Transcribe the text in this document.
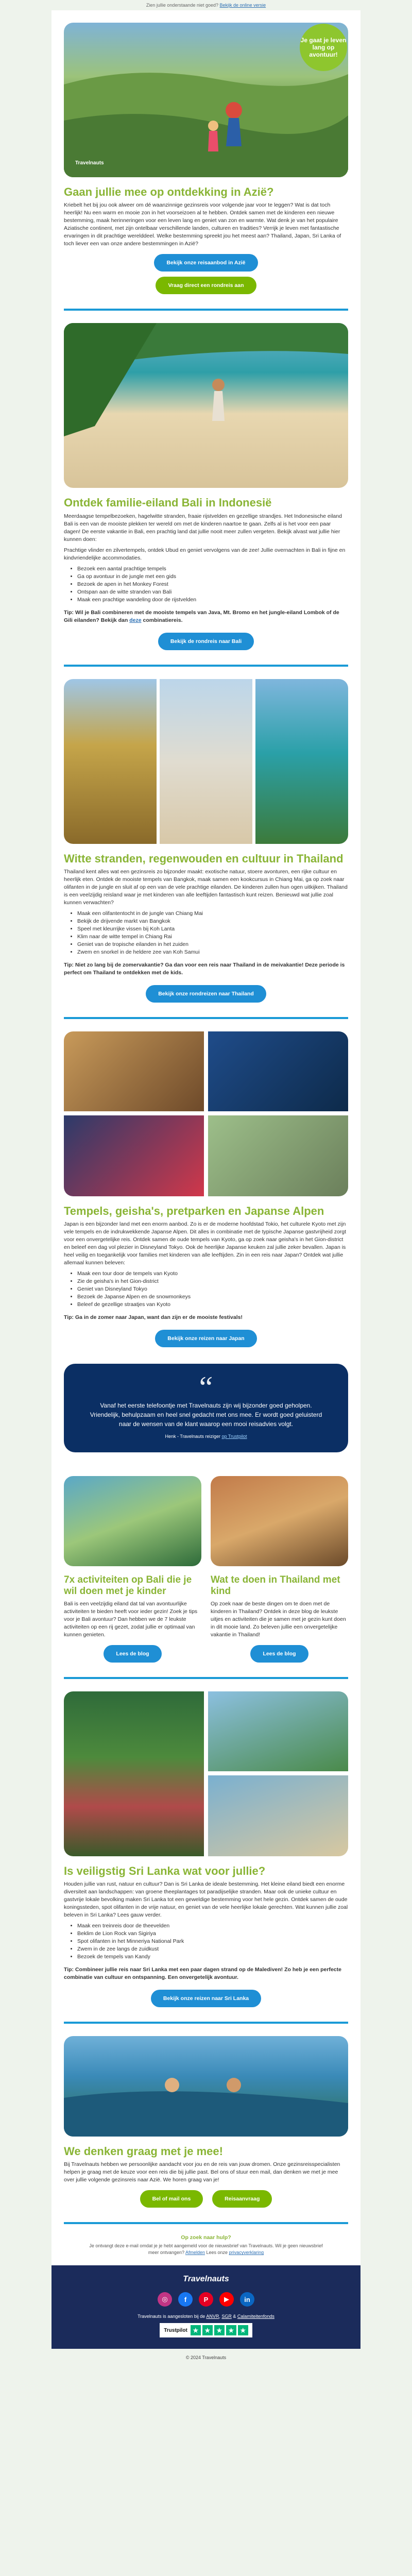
Zien jullie onderstaande niet goed? Bekijk de online versie
Travelnauts
Je gaat je leven lang op avontuur!
Gaan jullie mee op ontdekking in Azië?

Kriebelt het bij jou ook alweer om dé waanzinnige gezinsreis voor volgende jaar voor te leggen? Wat is dat toch heerlijk! Nu een warm en mooie zon in het voorseizoen al te hebben. Ontdek samen met de kinderen een nieuwe bestemming, maak herinneringen voor een leven lang en geniet van zon en warmte. Wat denk je van het populaire Aziatische continent, met zijn ontelbaar verschillende landen, culturen en tradities? Verrijk je leven met fantastische ervaringen in dit prachtige werelddeel. Welke bestemming spreekt jou het meest aan? Thailand, Japan, Sri Lanka of toch liever een van onze andere bestemmingen in Azië?

Bekijk onze reisaanbod in Azië
Vraag direct een rondreis aan
Ontdek familie-eiland Bali in Indonesië

Meerdaagse tempelbezoeken, hagelwitte stranden, fraaie rijstvelden en gezellige strandjes. Het Indonesische eiland Bali is een van de mooiste plekken ter wereld om met de kinderen naartoe te gaan. Zelfs al is het voor een paar dagen! De eerste vakantie in Bali, een prachtig land dat jullie nooit meer zullen vergeten. Bekijk alvast wat jullie hier kunnen doen:

Prachtige vlinder en zilvertempels, ontdek Ubud en geniet vervolgens van de zee! Jullie overnachten in Bali in fijne en kindvriendelijke accommodaties.

• Bezoek een aantal prachtige tempels
• Ga op avontuur in de jungle met een gids
• Bezoek de apen in het Monkey Forest
• Ontspan aan de witte stranden van Bali
• Maak een prachtige wandeling door de rijstvelden

Tip: Wil je Bali combineren met de mooiste tempels van Java, Mt. Bromo en het jungle-eiland Lombok of de Gili eilanden? Bekijk dan deze combinatiereis.

Bekijk de rondreis naar Bali
Witte stranden, regenwouden en cultuur in Thailand

Thailand kent alles wat een gezinsreis zo bijzonder maakt: exotische natuur, stoere avonturen, een rijke cultuur en heerlijk eten. Ontdek de mooiste tempels van Bangkok, maak samen een kookcursus in Chiang Mai, ga op zoek naar olifanten in de jungle en sluit af op een van de vele prachtige eilanden. De kinderen zullen hun ogen uitkijken. Thailand is een veelzijdig reisland waar je met kinderen van alle leeftijden fantastisch kunt reizen. Benieuwd wat jullie zoal kunnen verwachten?

• Maak een olifantentocht in de jungle van Chiang Mai
• Bekijk de drijvende markt van Bangkok
• Speel met kleurrijke vissen bij Koh Lanta
• Klim naar de witte tempel in Chiang Rai
• Geniet van de tropische eilanden in het zuiden
• Zwem en snorkel in de heldere zee van Koh Samui

Tip: Niet zo lang bij de zomervakantie? Ga dan voor een reis naar Thailand in de meivakantie! Deze periode is perfect om Thailand te ontdekken met de kids.

Bekijk onze rondreizen naar Thailand
Tempels, geisha's, pretparken en Japanse Alpen

Japan is een bijzonder land met een enorm aanbod. Zo is er de moderne hoofdstad Tokio, het culturele Kyoto met zijn vele tempels en de indrukwekkende Japanse Alpen. Dit alles in combinatie met de typische Japanse gastvrijheid zorgt voor een onvergetelijke reis. Ontdek samen de oude tempels van Kyoto, ga op zoek naar geisha's in het Gion-district en beleef een dag vol plezier in Disneyland Tokyo. Ook de heerlijke Japanse keuken zal jullie zeker bevallen. Japan is heel veilig en toegankelijk voor families met kinderen van alle leeftijden. Zin in een reis naar Japan? Ontdek wat jullie allemaal kunnen beleven:

• Maak een tour door de tempels van Kyoto
• Zie de geisha's in het Gion-district
• Geniet van Disneyland Tokyo
• Bezoek de Japanse Alpen en de snowmonkeys
• Beleef de gezellige straatjes van Kyoto

Tip: Ga in de zomer naar Japan, want dan zijn er de mooiste festivals!

Bekijk onze reizen naar Japan
“
Vanaf het eerste telefoontje met Travelnauts zijn wij bijzonder goed geholpen. Vriendelijk, behulpzaam en heel snel gedacht met ons mee. Er wordt goed geluisterd naar de wensen van de klant waarop een mooi reisadvies volgt.
Henk - Travelnauts reiziger op Trustpilot
7x activiteiten op Bali die je wil doen met je kinder

Bali is een veelzijdig eiland dat tal van avontuurlijke activiteiten te bieden heeft voor ieder gezin! Zoek je tips voor je Bali avontuur? Dan hebben we de 7 leukste activiteiten op een rij gezet, zodat jullie er optimaal van kunnen genieten.

Lees de blog
Wat te doen in Thailand met kind

Op zoek naar de beste dingen om te doen met de kinderen in Thailand? Ontdek in deze blog de leukste uitjes en activiteiten die je samen met je gezin kunt doen in dit mooie land. Zo beleven jullie een onvergetelijke vakantie in Thailand!

Lees de blog
Is veiligstig Sri Lanka wat voor jullie?

Houden jullie van rust, natuur en cultuur? Dan is Sri Lanka de ideale bestemming. Het kleine eiland biedt een enorme diversiteit aan landschappen: van groene theeplantages tot paradijselijke stranden. Maar ook de unieke cultuur en gastvrije lokale bevolking maken Sri Lanka tot een geweldige bestemming voor het hele gezin. Ontdek samen de oude koningssteden, spot olifanten in de vrije natuur, en geniet van de vele heerlijke lokale gerechten. Wat kunnen jullie zoal beleven in Sri Lanka? Lees gauw verder.

• Maak een treinreis door de theevelden
• Beklim de Lion Rock van Sigiriya
• Spot olifanten in het Minneriya National Park
• Zwem in de zee langs de zuidkust
• Bezoek de tempels van Kandy

Tip: Combineer jullie reis naar Sri Lanka met een paar dagen strand op de Malediven! Zo heb je een perfecte combinatie van cultuur en ontspanning. Een onvergetelijk avontuur.

Bekijk onze reizen naar Sri Lanka
We denken graag met je mee!

Bij Travelnauts hebben we persoonlijke aandacht voor jou en de reis van jouw dromen. Onze gezinsreisspecialisten helpen je graag met de keuze voor een reis die bij jullie past. Bel ons of stuur een mail, dan denken we met je mee over jullie volgende gezinsreis naar Azië. We horen graag van je!

Bel of mail ons	Reisaanvraag

Op zoek naar hulp?

Je ontvangt deze e-mail omdat je je hebt aangemeld voor de nieuwsbrief van Travelnauts. Wil je geen nieuwsbrief meer ontvangen? Afmelden Lees onze privacyverklaring

Travelnauts
◎	f	P	▶	in

Travelnauts is aangesloten bij de ANVR, SGR & Calamiteitenfonds

Trustpilot ★ ★ ★ ★ ★
© 2024 Travelnauts
